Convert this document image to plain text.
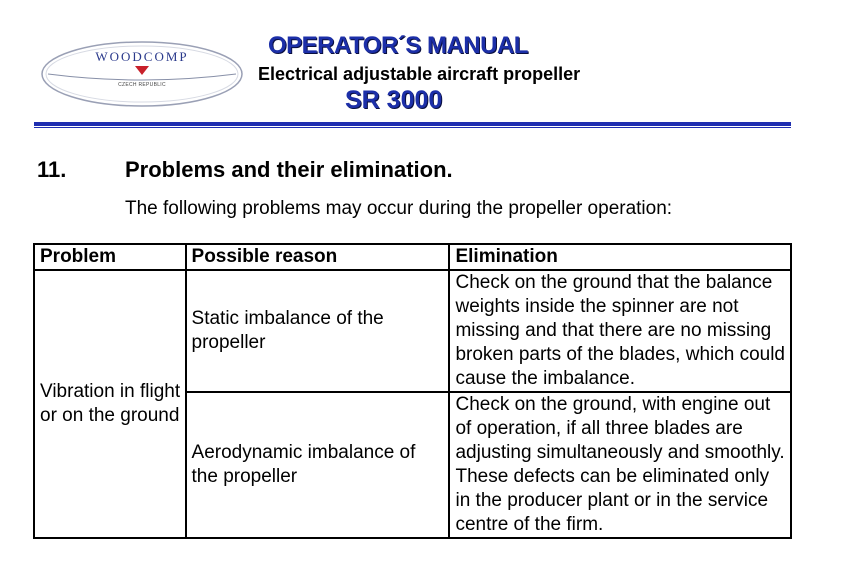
WOODCOMP
CZECH REPUBLIC
OPERATOR´S MANUAL
Electrical adjustable aircraft propeller
SR 3000
11.	Problems and their elimination.
The following problems may occur during the propeller operation:
Problem	Possible reason	Elimination
Vibration in flight or on the ground	Static imbalance of the propeller	Check on the ground that the balance weights inside the spinner are not missing and that there are no missing broken parts of the blades, which could cause the imbalance.
	Aerodynamic imbalance of the propeller	Check on the ground, with engine out of operation, if all three blades are adjusting simultaneously and smoothly. These defects can be eliminated only in the producer plant or in the service centre of the firm.
